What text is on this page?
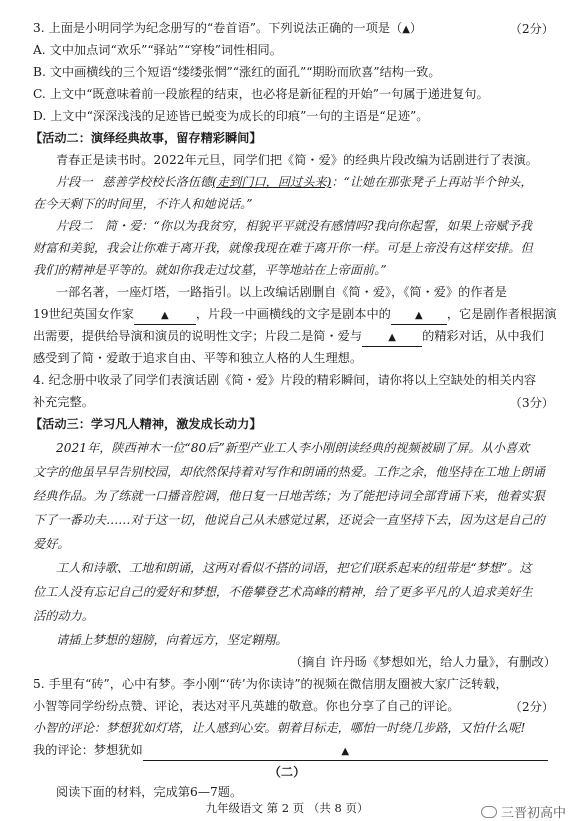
3. 上面是小明同学为纪念册写的“卷首语”。下列说法正确的一项是（▲）	（2分）
A. 文中加点词“欢乐”“驿站”“穿梭”词性相同。
B. 文中画横线的三个短语“缕缕张惘”“涨红的面孔”“期盼而欣喜”结构一致。
C. 上文中“既意味着前一段旅程的结束，也必将是新征程的开始”一句属于递进复句。
D. 上文中“深深浅浅的足迹皆已蜕变为成长的印痕”一句的主语是“足迹”。
【活动二：演绎经典故事，留存精彩瞬间】
青春正是读书时。2022年元旦，同学们把《简・爱》的经典片段改编为话剧进行了表演。
片段一 慈善学校校长洛伍德(走到门口，回过头来)：“让她在那张凳子上再站半个钟头，
在今天剩下的时间里，不许人和她说话。”
片段二　简・爱：“你以为我贫穷，相貌平平就没有感情吗?我向你起誓，如果上帝赋予我
财富和美貌，我会让你难于离开我，就像我现在难于离开你一样。可是上帝没有这样安排。但
我们的精神是平等的。就如你我走过坟墓，平等地站在上帝面前。”
一部名著，一座灯塔，一路指引。以上改编话剧删自《简・爱》，《简・爱》的作者是
19世纪英国女作家	▲ ，片段一中画横线的文字是剧本中的 ▲ ，它是剧作者根据演
出需要，提供给导演和演员的说明性文字；片段二是简・爱与	▲ 的精彩对话，从中我们
感受到了简・爱敢于追求自由、平等和独立人格的人生理想。
4. 纪念册中收录了同学们表演话剧《简・爱》片段的精彩瞬间，请你将以上空缺处的相关内容
补充完整。	（3分）
【活动三：学习凡人精神，激发成长动力】
2021年，陕西神木一位“80后”新型产业工人李小刚朗读经典的视频被刷了屏。从小喜欢
文字的他虽早早告别校园，却依然保持着对写作和朗诵的热爱。工作之余，他坚持在工地上朗诵
经典作品。为了练就一口播音腔调，他日复一日地苦练；为了能把诗词全部背诵下来，他着实狠
下了一番功夫……对于这一切，他说自己从未感觉过累，还说会一直坚持下去，因为这是自己的
爱好。
工人和诗歌、工地和朗诵，这两对看似不搭的词语，把它们联系起来的纽带是“梦想”。这
位工人没有忘记自己的爱好和梦想，不倦攀登艺术高峰的精神，给了更多平凡的人追求美好生
活的动力。
请插上梦想的翅膀，向着远方，坚定翱翔。
（摘自 许丹旸《梦想如光，给人力量》，有删改）
5. 手里有“砖”，心中有梦。李小刚“‘砖’为你读诗”的视频在微信朋友圈被大家广泛转载，
小智等同学纷纷点赞、评论，表达对平凡英雄的敬意。你也分享了自己的评论。	（2分）
小智的评论：梦想犹如灯塔，让人感到心安。朝着目标走，哪怕一时绕几步路，又怕什么呢!
我的评论：梦想犹如	▲
（二）
阅读下面的材料，完成第6—7题。
九年级语文 第 2 页 （共 8 页）	三晋初高中
